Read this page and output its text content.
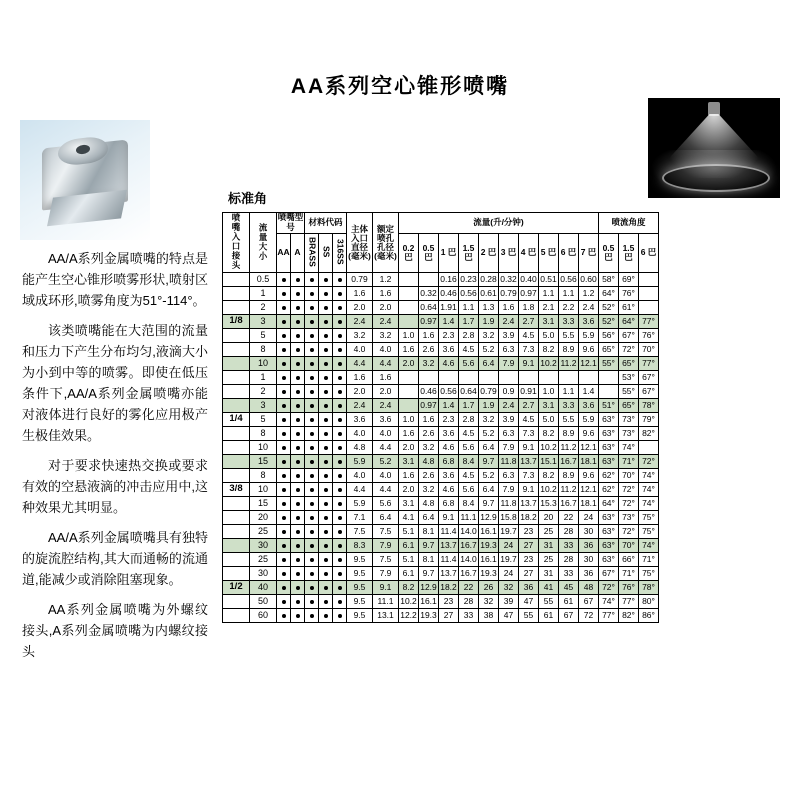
AA系列空心锥形喷嘴

AA/A系列金属喷嘴的特点是能产生空心锥形喷雾形状,喷射区域成环形,喷雾角度为51°-114°。

该类喷嘴能在大范围的流量和压力下产生分布均匀,液滴大小为小到中等的喷雾。即使在低压条件下,AA/A系列金属喷嘴亦能对液体进行良好的雾化应用极产生极佳效果。

对于要求快速热交换或要求有效的空悬液滴的冲击应用中,这种效果尤其明显。

AA/A系列金属喷嘴具有独特的旋流腔结构,其大而通畅的流通道,能减少或消除阻塞现象。

AA系列金属喷嘴为外螺纹接头,A系列金属喷嘴为内螺纹接头

标准角
喷嘴入口接头	流量大小	喷嘴型号		材料代码			主体入口直径(毫米)	额定喷孔孔径(毫米)	流量(升/分钟)										喷流角度		
		AA	A	BRASS	SS	316SS			0.2 巴	0.5 巴	1 巴	1.5 巴	2 巴	3 巴	4 巴	5 巴	6 巴	7 巴	0.5 巴	1.5 巴	6 巴

	0.5						0.79	1.2			0.16	0.23	0.28	0.32	0.40	0.51	0.56	0.60	58°	69°	
	1						1.6	1.6		0.32	0.46	0.56	0.61	0.79	0.97	1.1	1.1	1.2	64°	76°	
	2						2.0	2.0		0.64	1.91	1.1	1.3	1.6	1.8	2.1	2.2	2.4	52°	61°	
1/8	3						2.4	2.4		0.97	1.4	1.7	1.9	2.4	2.7	3.1	3.3	3.6	52°	64°	77°
	5						3.2	3.2	1.0	1.6	2.3	2.8	3.2	3.9	4.5	5.0	5.5	5.9	56°	67°	76°
	8						4.0	4.0	1.6	2.6	3.6	4.5	5.2	6.3	7.3	8.2	8.9	9.6	65°	72°	70°
	10						4.4	4.4	2.0	3.2	4.6	5.6	6.4	7.9	9.1	10.2	11.2	12.1	55°	65°	77°
	1						1.6	1.6												53°	67°
	2						2.0	2.0		0.46	0.56	0.64	0.79	0.9	0.91	1.0	1.1	1.4		55°	67°
	3						2.4	2.4		0.97	1.4	1.7	1.9	2.4	2.7	3.1	3.3	3.6	51°	65°	78°
1/4	5						3.6	3.6	1.0	1.6	2.3	2.8	3.2	3.9	4.5	5.0	5.5	5.9	63°	73°	79°
	8						4.0	4.0	1.6	2.6	3.6	4.5	5.2	6.3	7.3	8.2	8.9	9.6	63°	73°	82°
	10						4.8	4.4	2.0	3.2	4.6	5.6	6.4	7.9	9.1	10.2	11.2	12.1	63°	74°	
	15						5.9	5.2	3.1	4.8	6.8	8.4	9.7	11.8	13.7	15.1	16.7	18.1	63°	71°	72°
	8						4.0	4.0	1.6	2.6	3.6	4.5	5.2	6.3	7.3	8.2	8.9	9.6	62°	70°	74°
3/8	10						4.4	4.4	2.0	3.2	4.6	5.6	6.4	7.9	9.1	10.2	11.2	12.1	62°	72°	74°
	15						5.9	5.6	3.1	4.8	6.8	8.4	9.7	11.8	13.7	15.3	16.7	18.1	64°	72°	74°
	20						7.1	6.4	4.1	6.4	9.1	11.1	12.9	15.8	18.2	20	22	24	63°	73°	75°
	25						7.5	7.5	5.1	8.1	11.4	14.0	16.1	19.7	23	25	28	30	63°	72°	75°
	30						8.3	7.9	6.1	9.7	13.7	16.7	19.3	24	27	31	33	36	63°	70°	74°
	25						9.5	7.5	5.1	8.1	11.4	14.0	16.1	19.7	23	25	28	30	63°	66°	71°
	30						9.5	7.9	6.1	9.7	13.7	16.7	19.3	24	27	31	33	36	67°	71°	75°
1/2	40						9.5	9.1	8.2	12.9	18.2	22	26	32	36	41	45	48	72°	76°	78°
	50						9.5	11.1	10.2	16.1	23	28	32	39	47	55	61	67	74°	77°	80°
	60						9.5	13.1	12.2	19.3	27	33	38	47	55	61	67	72	77°	82°	86°
